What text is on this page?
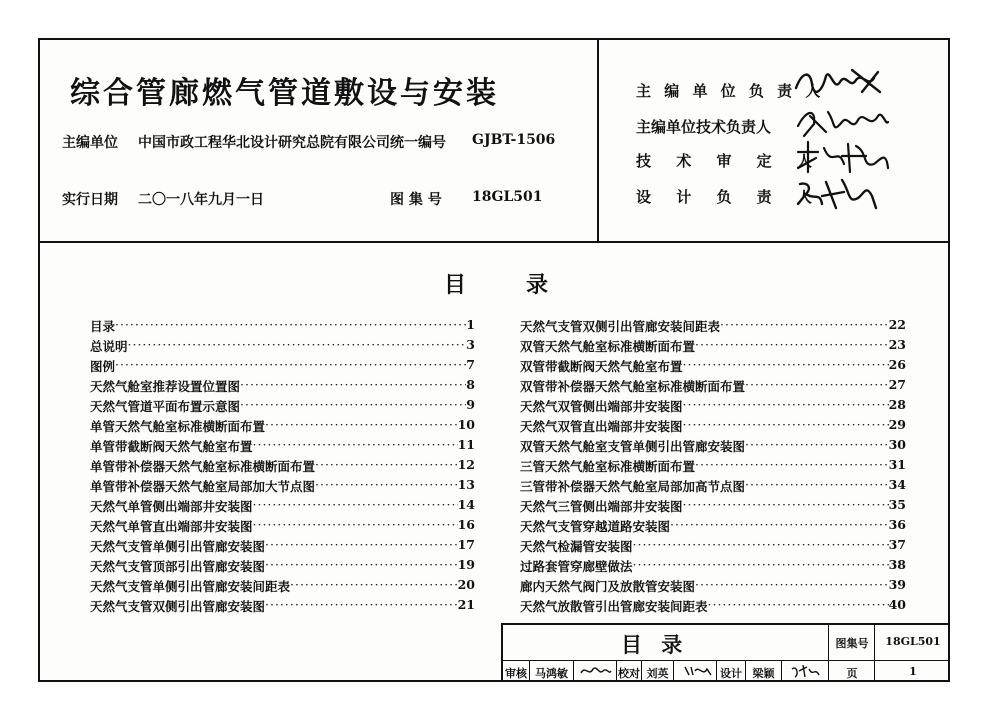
综合管廊燃气管道敷设与安装
主编单位 中国市政工程华北设计研究总院有限公司 统一编号 GJBT-1506
实行日期 二〇一八年九月一日	图 集 号 18GL501
主 编 单 位 负 责 人
主编单位技术负责人
技 术 审 定 人
设 计 负 责 人
目录
目录 ·····	1
总说明 ·····	3
图例 ·····	7
天然气舱室推荐设置位置图 ·····	8
天然气管道平面布置示意图 ·····	9
单管天然气舱室标准横断面布置 ·····	10
单管带截断阀天然气舱室布置 ·····	11
单管带补偿器天然气舱室标准横断面布置 ·····	12
单管带补偿器天然气舱室局部加大节点图 ·····	13
天然气单管侧出端部井安装图 ·····	14
天然气单管直出端部井安装图 ·····	16
天然气支管单侧引出管廊安装图 ·····	17
天然气支管顶部引出管廊安装图 ·····	19
天然气支管单侧引出管廊安装间距表 ·····	20
天然气支管双侧引出管廊安装图 ·····	21
天然气支管双侧引出管廊安装间距表 ·····	22
双管天然气舱室标准横断面布置 ·····	23
双管带截断阀天然气舱室布置 ·····	26
双管带补偿器天然气舱室标准横断面布置 ·····	27
天然气双管侧出端部井安装图 ·····	28
天然气双管直出端部井安装图 ·····	29
双管天然气舱室支管单侧引出管廊安装图 ·····	30
三管天然气舱室标准横断面布置 ·····	31
三管带补偿器天然气舱室局部加高节点图 ·····	34
天然气三管侧出端部井安装图 ·····	35
天然气支管穿越道路安装图 ·····	36
天然气检漏管安装图 ·····	37
过路套管穿廊壁做法 ·····	38
廊内天然气阀门及放散管安装图 ·····	39
天然气放散管引出管廊安装间距表 ·····	40
目 录	图集号	18GL501
审核 马鸿敏	校对 刘英	设计 梁颖	页	1
